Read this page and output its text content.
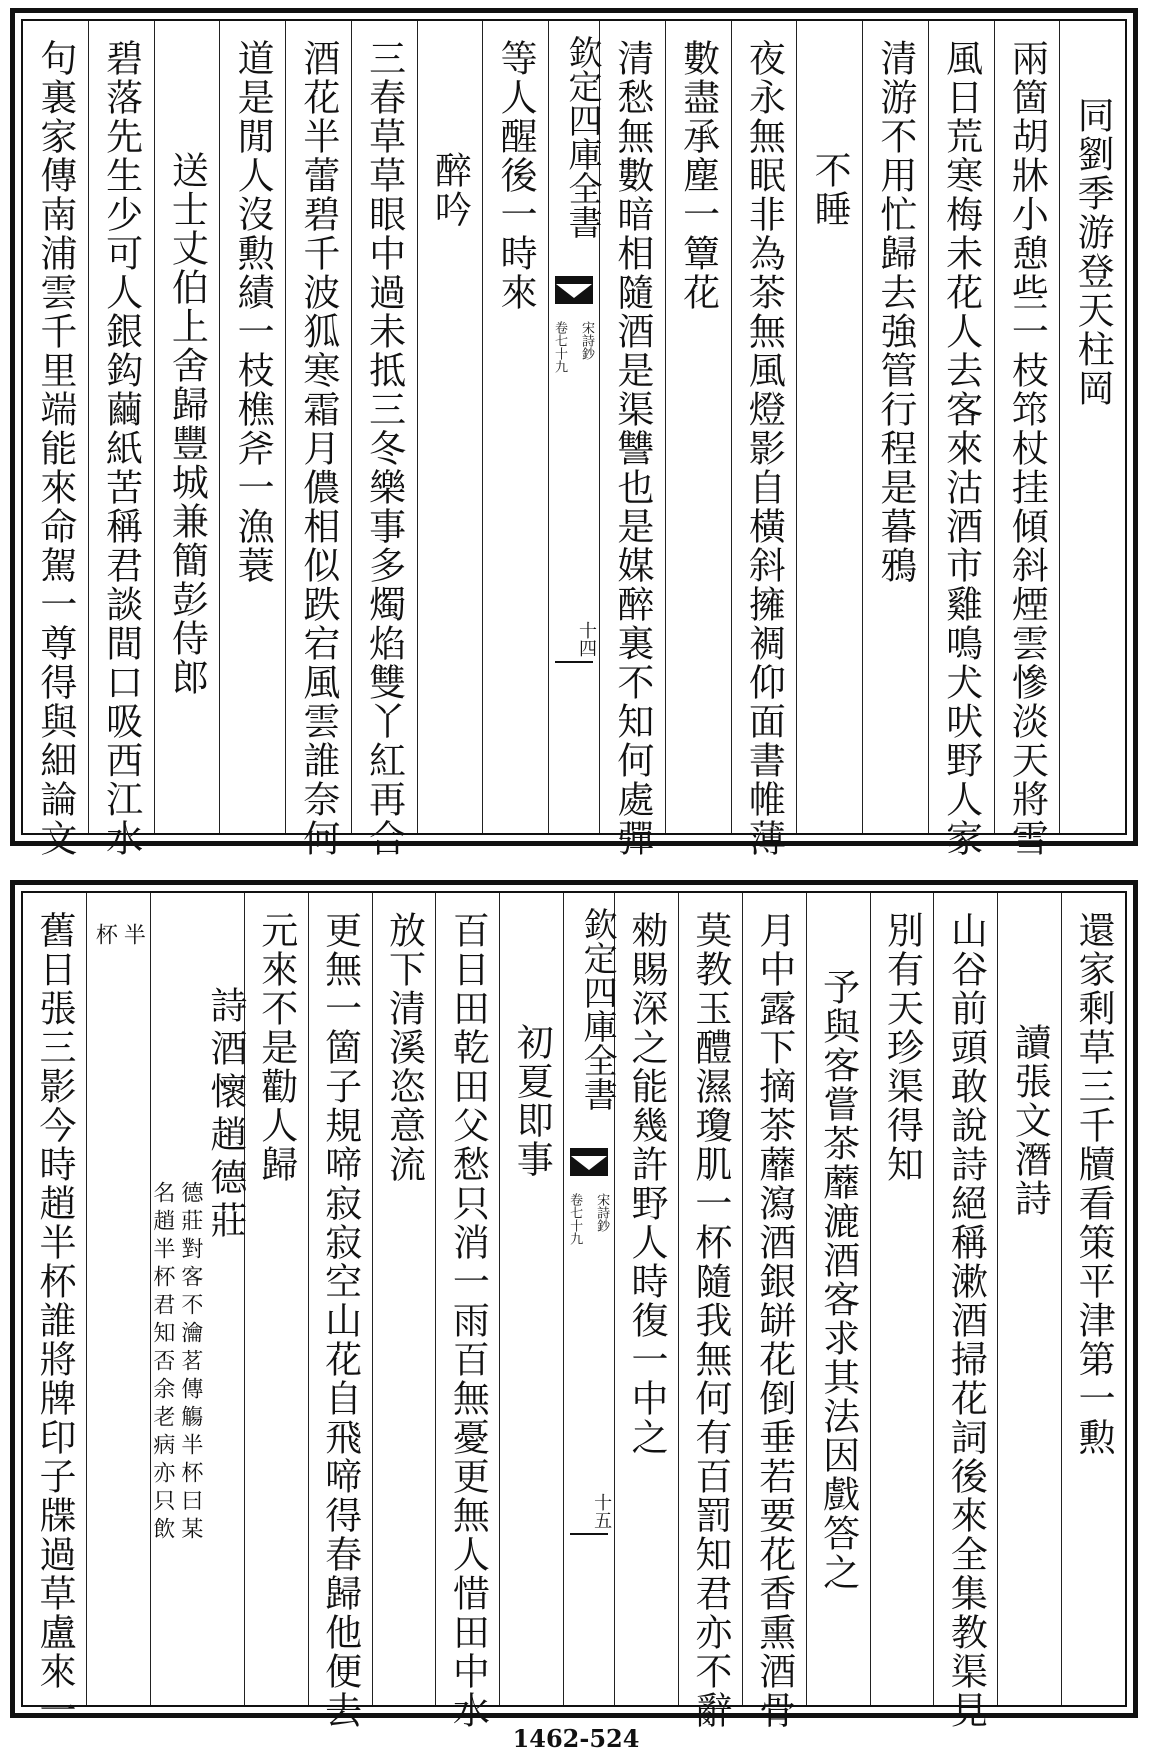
同劉季游登天柱岡
兩箇胡牀小憩些一枝筇杖挂傾斜煙雲慘淡天將雪
風日荒寒梅未花人去客來沽酒市雞鳴犬吠野人家
清游不用忙歸去強管行程是暮鴉
不睡
夜永無眠非為茶無風燈影自橫斜擁裯仰面書帷薄
數盡承塵一簟花
清愁無數暗相隨酒是渠讐也是媒醉裏不知何處彈
欽定四庫全書
宋詩鈔
卷七十九
十四
等人醒後一時來
醉吟
三春草草眼中過未抵三冬樂事多燭焰雙丫紅再合
酒花半蕾碧千波狐寒霜月儂相似跌宕風雲誰奈何
道是閒人沒勲績一枝樵斧一漁蓑
送士丈伯上舍歸豐城兼簡彭侍郎
碧落先生少可人銀鈎繭紙苦稱君談間口吸西江水
句裏家傳南浦雲千里端能來命駕一尊得與細論文
還家剩草三千牘看策平津第一勲
讀張文潛詩
山谷前頭敢說詩絕稱漱酒掃花詞後來全集教渠見
別有天珍渠得知
予與客嘗茶蘼漉酒客求其法因戲答之
月中露下摘茶蘼瀉酒銀缾花倒垂若要花香熏酒骨
莫教玉醴濕瓊肌一杯隨我無何有百罰知君亦不辭
勑賜深之能幾許野人時復一中之
欽定四庫全書
宋詩鈔
卷七十九
十五
初夏即事
百日田乾田父愁只消一雨百無憂更無人惜田中水
放下清溪恣意流
更無一箇子規啼寂寂空山花自飛啼得春歸他便去
元來不是勸人歸
詩酒懷趙德莊
德莊對客不瀹茗傳觴半杯曰某
名趙半杯君知否余老病亦只飲
半
杯
舊日張三影今時趙半杯誰將牌印子牒過草盧來一
1462-524
